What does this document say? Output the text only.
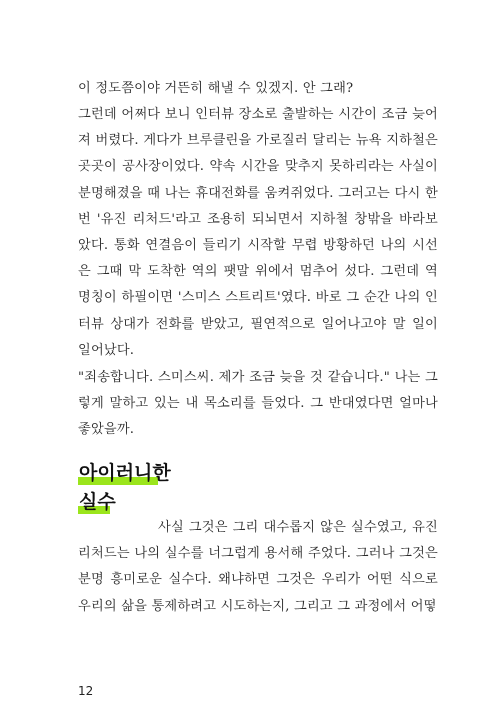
이 정도쯤이야 거뜬히 해낼 수 있겠지. 안 그래?

그런데 어쩌다 보니 인터뷰 장소로 출발하는 시간이 조금 늦어져 버렸다. 게다가 브루클린을 가로질러 달리는 뉴욕 지하철은 곳곳이 공사장이었다. 약속 시간을 맞추지 못하리라는 사실이 분명해졌을 때 나는 휴대전화를 움켜쥐었다. 그러고는 다시 한 번 '유진 리처드'라고 조용히 되뇌면서 지하철 창밖을 바라보았다. 통화 연결음이 들리기 시작할 무렵 방황하던 나의 시선은 그때 막 도착한 역의 팻말 위에서 멈추어 섰다. 그런데 역 명칭이 하필이면 '스미스 스트리트'였다. 바로 그 순간 나의 인터뷰 상대가 전화를 받았고, 필연적으로 일어나고야 말 일이 일어났다.

"죄송합니다. 스미스씨. 제가 조금 늦을 것 같습니다." 나는 그렇게 말하고 있는 내 목소리를 들었다. 그 반대였다면 얼마나 좋았을까.

아이러니한
실수

사실 그것은 그리 대수롭지 않은 실수였고, 유진 리처드는 나의 실수를 너그럽게 용서해 주었다. 그러나 그것은 분명 흥미로운 실수다. 왜냐하면 그것은 우리가 어떤 식으로 우리의 삶을 통제하려고 시도하는지, 그리고 그 과정에서 어떻

12
